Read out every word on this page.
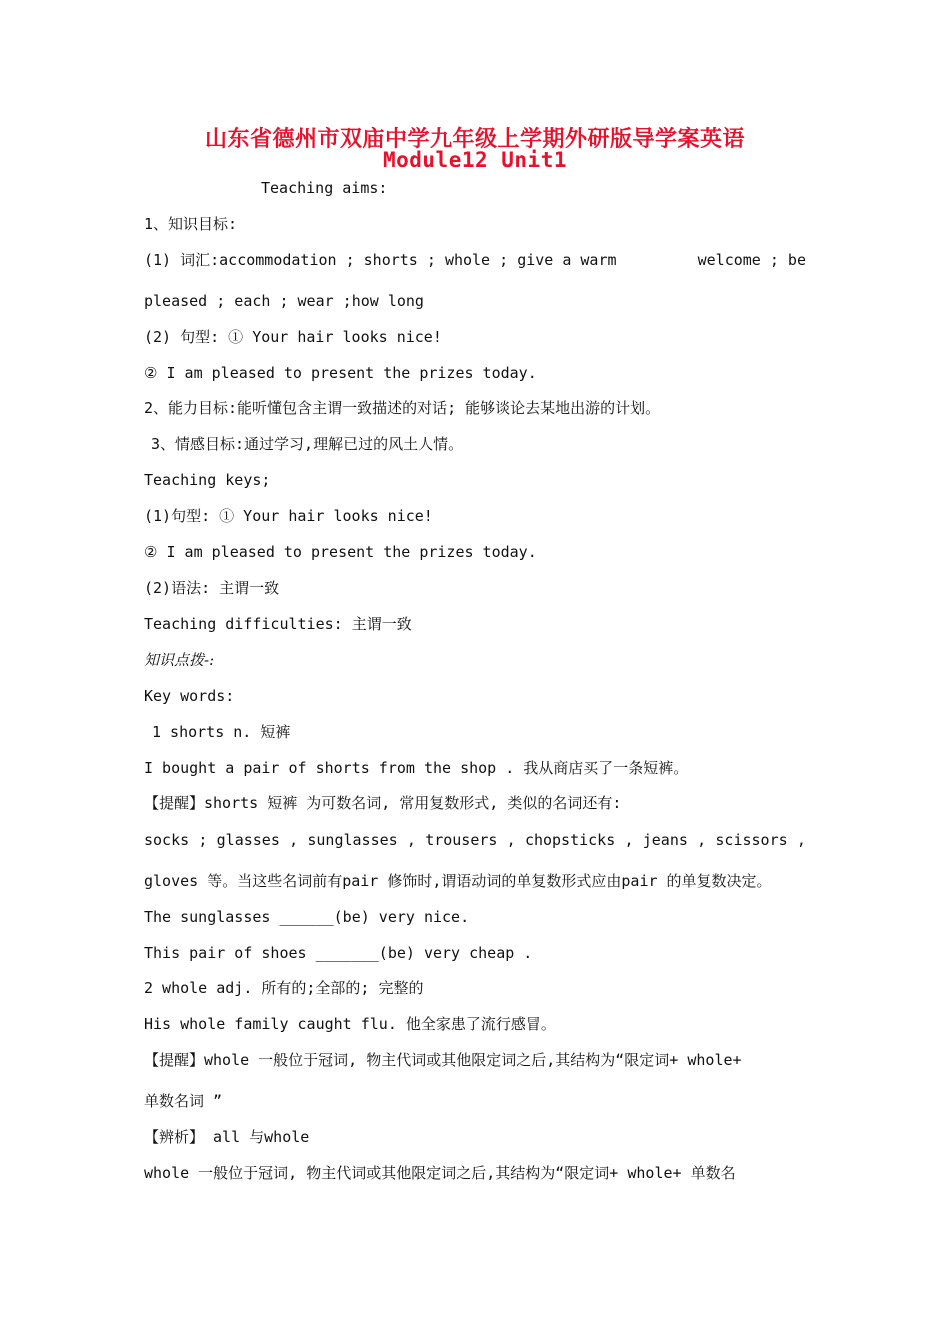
山东省德州市双庙中学九年级上学期外研版导学案英语
Module12 Unit1
Teaching aims:
1、知识目标:
(1) 词汇:accommodation ; shorts ; whole ; give a warm	welcome ; be
pleased ; each ; wear ;how long
(2) 句型: ① Your hair looks nice!
② I am pleased to present the prizes today.
2、能力目标:能听懂包含主谓一致描述的对话; 能够谈论去某地出游的计划。
3、情感目标:通过学习,理解已过的风土人情。
Teaching keys;
(1)句型: ① Your hair looks nice!
② I am pleased to present the prizes today.
(2)语法: 主谓一致
Teaching difficulties: 主谓一致
知识点拨-:
Key words:
1 shorts n. 短裤
I bought a pair of shorts from the shop . 我从商店买了一条短裤。
【提醒】shorts 短裤 为可数名词, 常用复数形式, 类似的名词还有:
socks ; glasses , sunglasses , trousers , chopsticks , jeans , scissors ,
gloves 等。当这些名词前有pair 修饰时,谓语动词的单复数形式应由pair 的单复数决定。
The sunglasses ______(be) very nice.
This pair of shoes _______(be) very cheap .
2 whole adj. 所有的;全部的; 完整的
His whole family caught flu. 他全家患了流行感冒。
【提醒】whole 一般位于冠词, 物主代词或其他限定词之后,其结构为“限定词+ whole+
单数名词 ”
【辨析】 all 与whole
whole 一般位于冠词, 物主代词或其他限定词之后,其结构为“限定词+ whole+ 单数名
